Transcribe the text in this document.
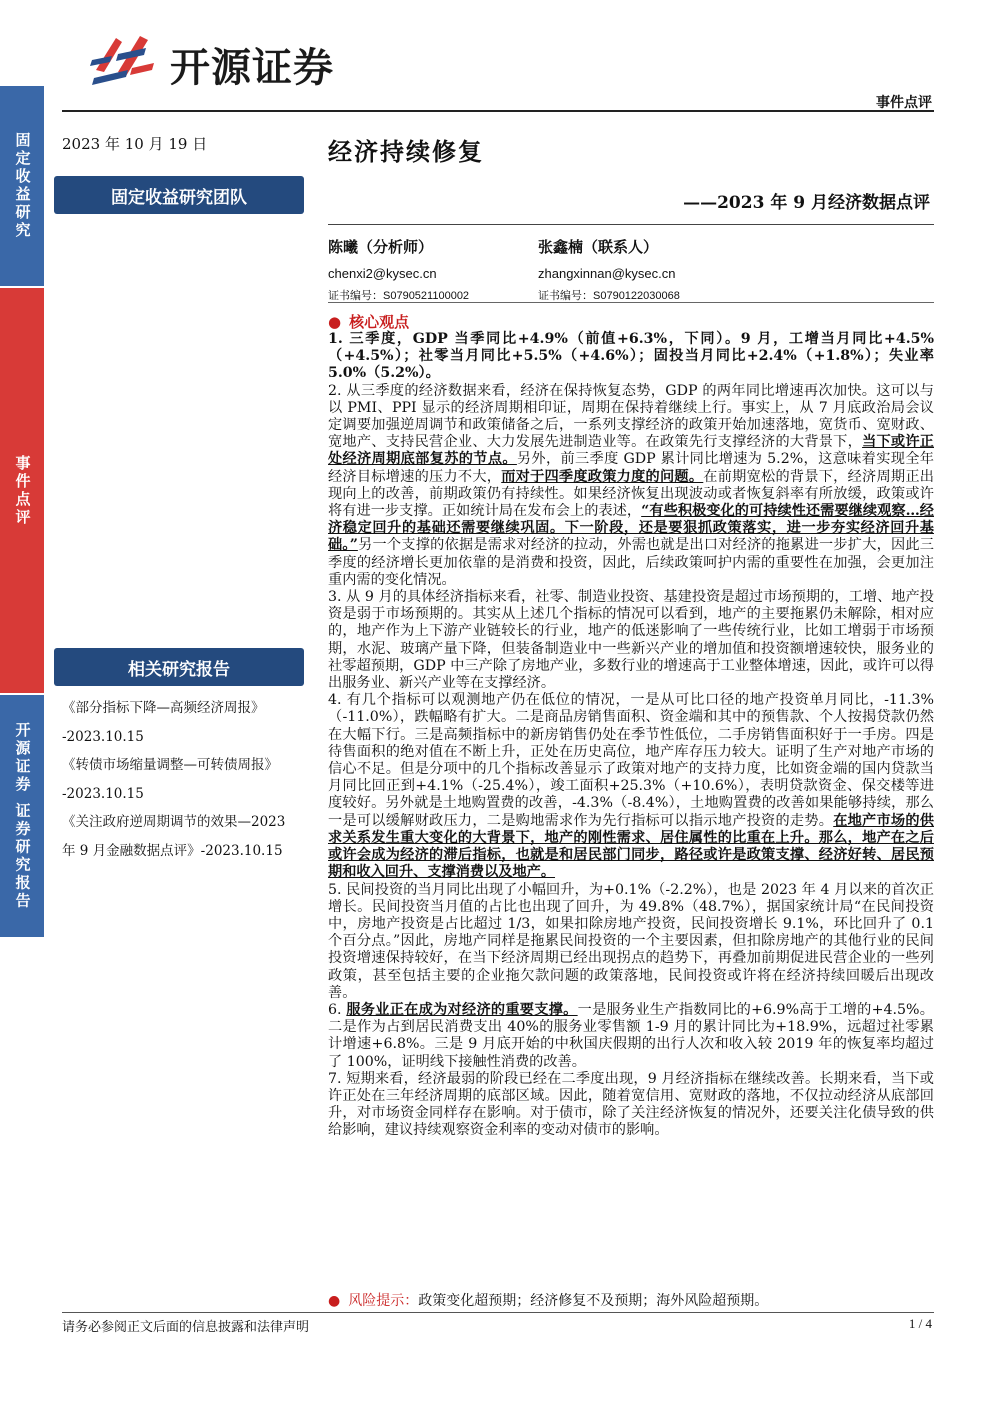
固定收益研究
事件点评
开源证券 证券研究报告
开源证券
事件点评
2023 年 10 月 19 日
固定收益研究团队
相关研究报告
《部分指标下降—高频经济周报》
-2023.10.15
《转债市场缩量调整—可转债周报》
-2023.10.15
《关注政府逆周期调节的效果—2023
年 9 月金融数据点评》-2023.10.15
经济持续修复
——2023 年 9 月经济数据点评
陈曦（分析师）
chenxi2@kysec.cn
证书编号：S0790521100002
张鑫楠（联系人）
zhangxinnan@kysec.cn
证书编号：S0790122030068
● 核心观点

1. 三季度，GDP 当季同比+4.9%（前值+6.3%，下同）。9 月，工增当月同比+4.5%（+4.5%）；社零当月同比+5.5%（+4.6%）；固投当月同比+2.4%（+1.8%）；失业率 5.0%（5.2%）。

2. 从三季度的经济数据来看，经济在保持恢复态势，GDP 的两年同比增速再次加快。这可以与以 PMI、PPI 显示的经济周期相印证，周期在保持着继续上行。事实上，从 7 月底政治局会议定调要加强逆周调节和政策储备之后，一系列支撑经济的政策开始加速落地，宽货币、宽财政、宽地产、支持民营企业、大力发展先进制造业等。在政策先行支撑经济的大背景下，当下或许正处经济周期底部复苏的节点。另外，前三季度 GDP 累计同比增速为 5.2%，这意味着实现全年经济目标增速的压力不大，而对于四季度政策力度的问题。在前期宽松的背景下，经济周期正出现向上的改善，前期政策仍有持续性。如果经济恢复出现波动或者恢复斜率有所放缓，政策或许将有进一步支撑。正如统计局在发布会上的表述，“有些积极变化的可持续性还需要继续观察…经济稳定回升的基础还需要继续巩固。下一阶段，还是要狠抓政策落实，进一步夯实经济回升基础。”另一个支撑的依据是需求对经济的拉动，外需也就是出口对经济的拖累进一步扩大，因此三季度的经济增长更加依靠的是消费和投资，因此，后续政策呵护内需的重要性在加强，会更加注重内需的变化情况。

3. 从 9 月的具体经济指标来看，社零、制造业投资、基建投资是超过市场预期的，工增、地产投资是弱于市场预期的。其实从上述几个指标的情况可以看到，地产的主要拖累仍未解除，相对应的，地产作为上下游产业链较长的行业，地产的低迷影响了一些传统行业，比如工增弱于市场预期，水泥、玻璃产量下降，但装备制造业中一些新兴产业的增加值和投资额增速较快，服务业的社零超预期，GDP 中三产除了房地产业，多数行业的增速高于工业整体增速，因此，或许可以得出服务业、新兴产业等在支撑经济。

4. 有几个指标可以观测地产仍在低位的情况，一是从可比口径的地产投资单月同比，-11.3%（-11.0%），跌幅略有扩大。二是商品房销售面积、资金端和其中的预售款、个人按揭贷款仍然在大幅下行。三是高频指标中的新房销售仍处在季节性低位，二手房销售面积好于一手房。四是待售面积的绝对值在不断上升，正处在历史高位，地产库存压力较大。证明了生产对地产市场的信心不足。但是分项中的几个指标改善显示了政策对地产的支持力度，比如资金端的国内贷款当月同比回正到+4.1%（-25.4%），竣工面积+25.3%（+10.6%），表明贷款资金、保交楼等进度较好。另外就是土地购置费的改善，-4.3%（-8.4%），土地购置费的改善如果能够持续，那么一是可以缓解财政压力，二是购地需求作为先行指标可以指示地产投资的走势。在地产市场的供求关系发生重大变化的大背景下，地产的刚性需求、居住属性的比重在上升。那么，地产在之后或许会成为经济的滞后指标，也就是和居民部门同步，路径或许是政策支撑、经济好转、居民预期和收入回升、支撑消费以及地产。

5. 民间投资的当月同比出现了小幅回升，为+0.1%（-2.2%），也是 2023 年 4 月以来的首次正增长。民间投资当月值的占比也出现了回升，为 49.8%（48.7%），据国家统计局“在民间投资中，房地产投资是占比超过 1/3，如果扣除房地产投资，民间投资增长 9.1%，环比回升了 0.1 个百分点。”因此，房地产同样是拖累民间投资的一个主要因素，但扣除房地产的其他行业的民间投资增速保持较好，在当下经济周期已经出现拐点的趋势下，再叠加前期促进民营企业的一些列政策，甚至包括主要的企业拖欠款问题的政策落地，民间投资或许将在经济持续回暖后出现改善。

6. 服务业正在成为对经济的重要支撑。一是服务业生产指数同比的+6.9%高于工增的+4.5%。二是作为占到居民消费支出 40%的服务业零售额 1-9 月的累计同比为+18.9%，远超过社零累计增速+6.8%。三是 9 月底开始的中秋国庆假期的出行人次和收入较 2019 年的恢复率均超过了 100%，证明线下接触性消费的改善。

7. 短期来看，经济最弱的阶段已经在二季度出现，9 月经济指标在继续改善。长期来看，当下或许正处在三年经济周期的底部区域。因此，随着宽信用、宽财政的落地，不仅拉动经济从底部回升，对市场资金同样存在影响。对于债市，除了关注经济恢复的情况外，还要关注化债导致的供给影响，建议持续观察资金利率的变动对债市的影响。

● 风险提示：政策变化超预期；经济修复不及预期；海外风险超预期。
请务必参阅正文后面的信息披露和法律声明	1 / 4
